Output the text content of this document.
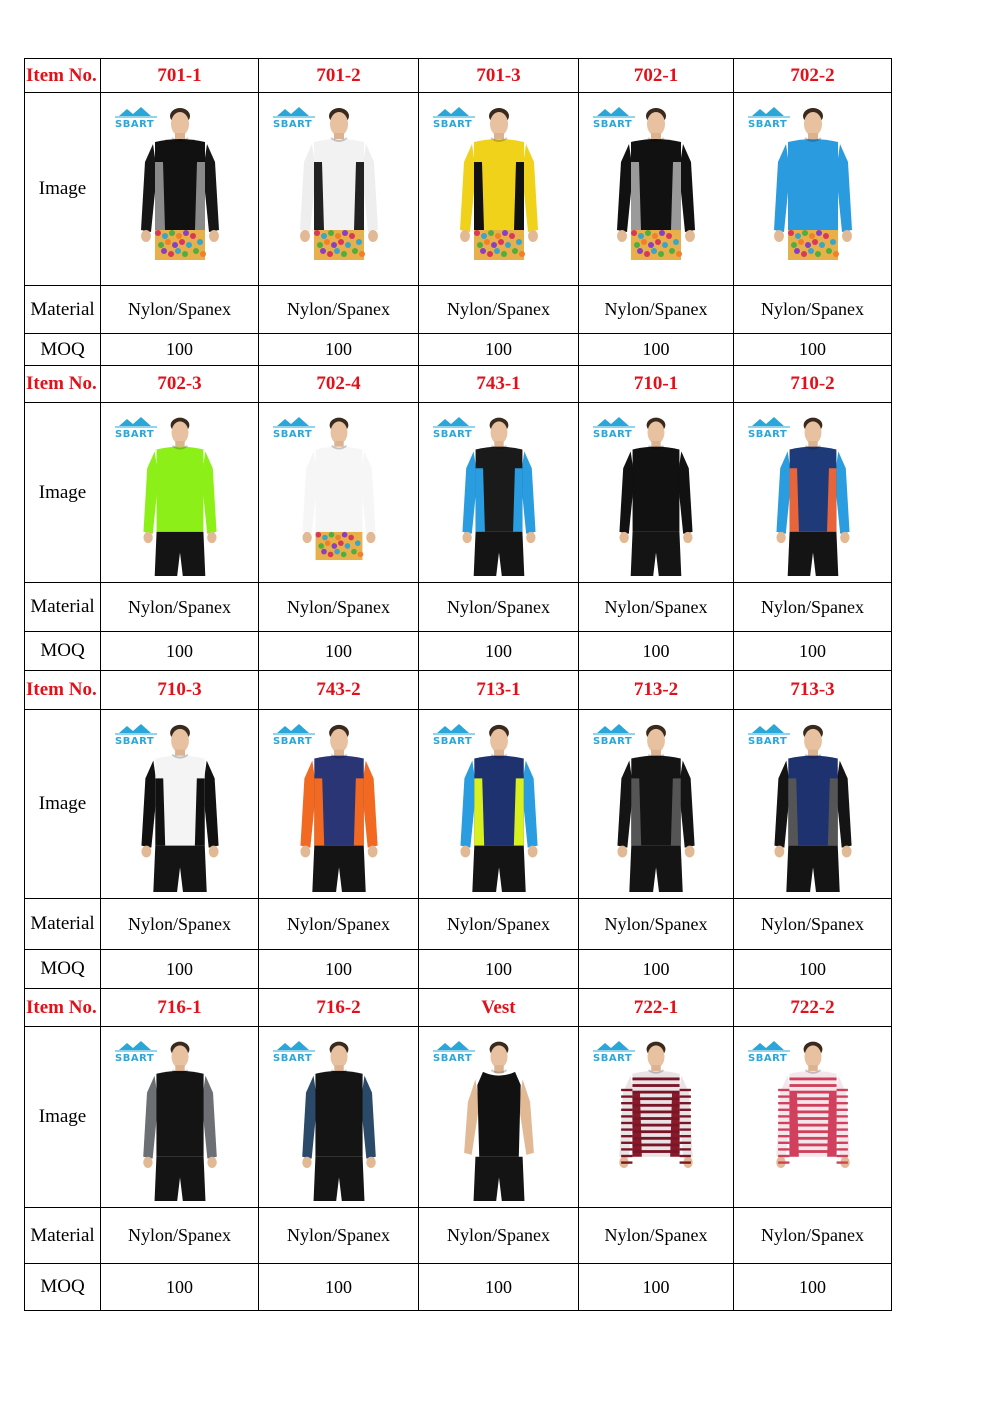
Item No.	701-1	701-2	701-3	702-1	702-2
Image	SBART	SBART	SBART	SBART	SBART

Material	Nylon/Spanex	Nylon/Spanex	Nylon/Spanex	Nylon/Spanex	Nylon/Spanex
MOQ	100	100	100	100	100
Item No.	702-3	702-4	743-1	710-1	710-2
Image	SBART	SBART	SBART	SBART	SBART

Material	Nylon/Spanex	Nylon/Spanex	Nylon/Spanex	Nylon/Spanex	Nylon/Spanex
MOQ	100	100	100	100	100
Item No.	710-3	743-2	713-1	713-2	713-3
Image	SBART	SBART	SBART	SBART	SBART

Material	Nylon/Spanex	Nylon/Spanex	Nylon/Spanex	Nylon/Spanex	Nylon/Spanex
MOQ	100	100	100	100	100
Item No.	716-1	716-2	Vest	722-1	722-2
Image	SBART	SBART	SBART	SBART	SBART

Material	Nylon/Spanex	Nylon/Spanex	Nylon/Spanex	Nylon/Spanex	Nylon/Spanex
MOQ	100	100	100	100	100
